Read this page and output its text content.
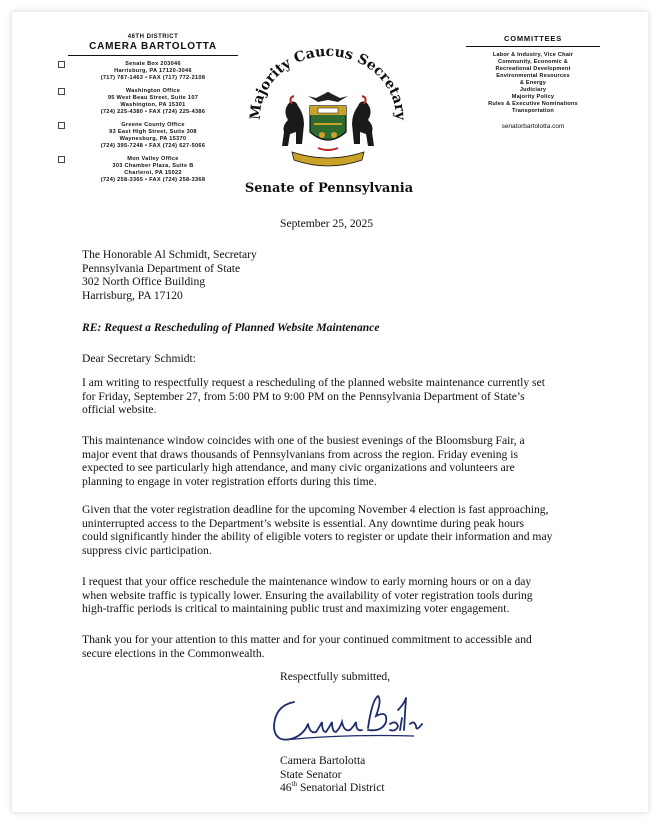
46TH DISTRICT
CAMERA BARTOLOTTA
Senate Box 203046
Harrisburg, PA 17120-3046
(717) 787-1463 • FAX (717) 772-2108
Washington Office
95 West Beau Street, Suite 107
Washington, PA 15301
(724) 225-4380 • FAX (724) 225-4386
Greene County Office
93 East High Street, Suite 308
Waynesburg, PA 15370
(724) 395-7248 • FAX (724) 627-5066
Mon Valley Office
303 Chamber Plaza, Suite B
Charleroi, PA 15022
(724) 258-3365 • FAX (724) 258-3368
Majority Caucus Secretary
Senate of Pennsylvania
COMMITTEES
Labor & Industry, Vice Chair
Community, Economic &
Recreational Development
Environmental Resources
& Energy
Judiciary
Majority Policy
Rules & Executive Nominations
Transportation
senatorbartolotta.com
September 25, 2025
The Honorable Al Schmidt, Secretary
Pennsylvania Department of State
302 North Office Building
Harrisburg, PA 17120
RE: Request a Rescheduling of Planned Website Maintenance
Dear Secretary Schmidt:
I am writing to respectfully request a rescheduling of the planned website maintenance currently set
for Friday, September 27, from 5:00 PM to 9:00 PM on the Pennsylvania Department of State’s
official website.
This maintenance window coincides with one of the busiest evenings of the Bloomsburg Fair, a
major event that draws thousands of Pennsylvanians from across the region. Friday evening is
expected to see particularly high attendance, and many civic organizations and volunteers are
planning to engage in voter registration efforts during this time.
Given that the voter registration deadline for the upcoming November 4 election is fast approaching,
uninterrupted access to the Department’s website is essential. Any downtime during peak hours
could significantly hinder the ability of eligible voters to register or update their information and may
suppress civic participation.
I request that your office reschedule the maintenance window to early morning hours or on a day
when website traffic is typically lower. Ensuring the availability of voter registration tools during
high-traffic periods is critical to maintaining public trust and maximizing voter engagement.
Thank you for your attention to this matter and for your continued commitment to accessible and
secure elections in the Commonwealth.
Respectfully submitted,
Camera Bartolotta
State Senator
46th Senatorial District
